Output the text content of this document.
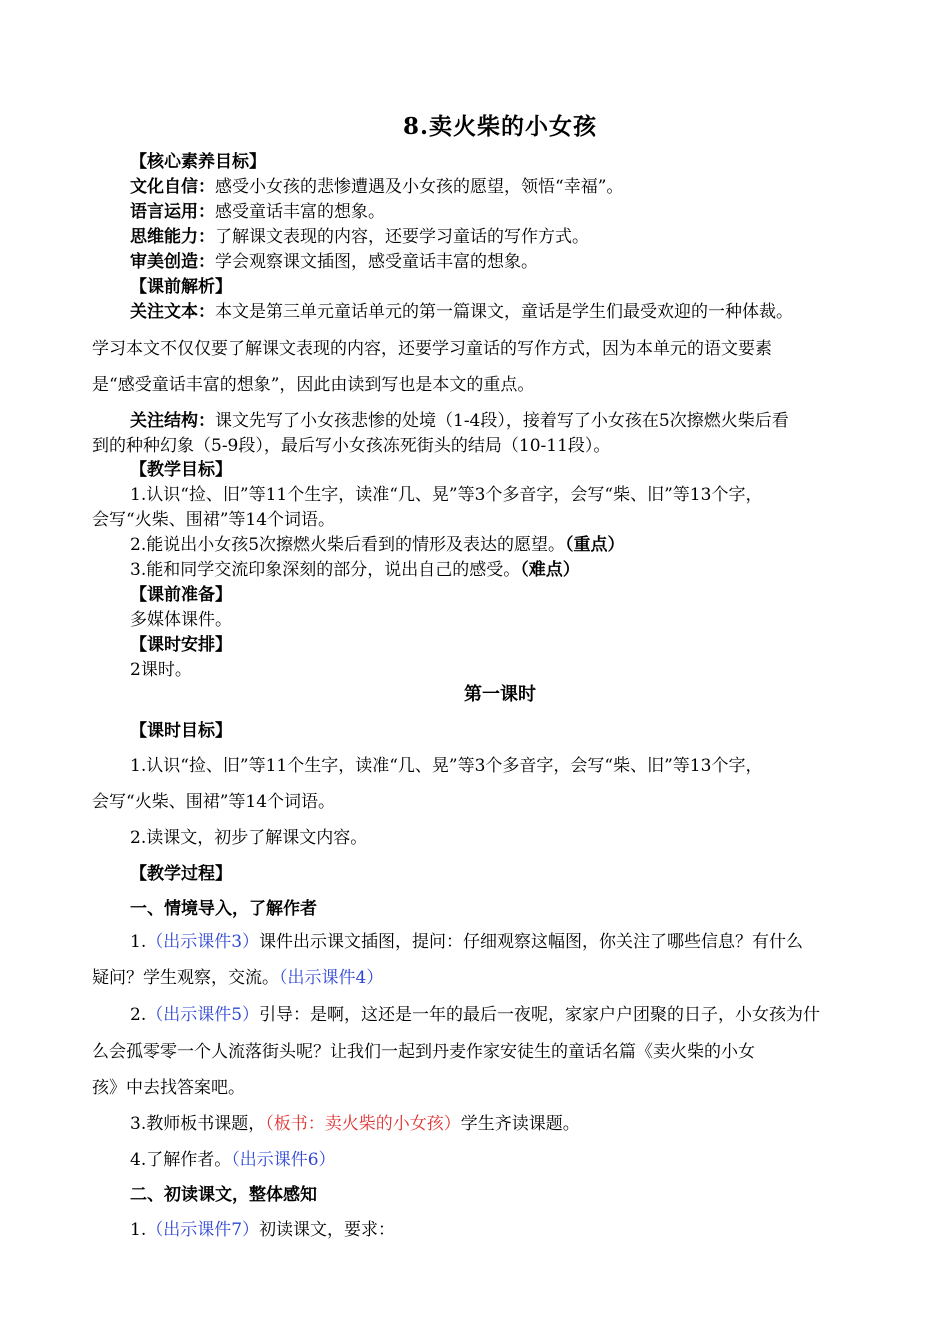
8.卖火柴的小女孩
【核心素养目标】
文化自信：感受小女孩的悲惨遭遇及小女孩的愿望，领悟“幸福”。
语言运用：感受童话丰富的想象。
思维能力：了解课文表现的内容，还要学习童话的写作方式。
审美创造：学会观察课文插图，感受童话丰富的想象。
【课前解析】
关注文本：本文是第三单元童话单元的第一篇课文，童话是学生们最受欢迎的一种体裁。
学习本文不仅仅要了解课文表现的内容，还要学习童话的写作方式，因为本单元的语文要素
是“感受童话丰富的想象”，因此由读到写也是本文的重点。
关注结构：课文先写了小女孩悲惨的处境（1-4段），接着写了小女孩在5次擦燃火柴后看
到的种种幻象（5-9段），最后写小女孩冻死街头的结局（10-11段）。
【教学目标】
1.认识“捡、旧”等11个生字，读准“几、晃”等3个多音字，会写“柴、旧”等13个字，
会写“火柴、围裙”等14个词语。
2.能说出小女孩5次擦燃火柴后看到的情形及表达的愿望。（重点）
3.能和同学交流印象深刻的部分，说出自己的感受。（难点）
【课前准备】
多媒体课件。
【课时安排】
2课时。
第一课时
【课时目标】
1.认识“捡、旧”等11个生字，读准“几、晃”等3个多音字，会写“柴、旧”等13个字，
会写“火柴、围裙”等14个词语。
2.读课文，初步了解课文内容。
【教学过程】
一、情境导入，了解作者
1.（出示课件3）课件出示课文插图，提问：仔细观察这幅图，你关注了哪些信息？有什么
疑问？学生观察，交流。（出示课件4）
2.（出示课件5）引导：是啊，这还是一年的最后一夜呢，家家户户团聚的日子，小女孩为什
么会孤零零一个人流落街头呢？让我们一起到丹麦作家安徒生的童话名篇《卖火柴的小女
孩》中去找答案吧。
3.教师板书课题，（板书：卖火柴的小女孩）学生齐读课题。
4.了解作者。（出示课件6）
二、初读课文，整体感知
1.（出示课件7）初读课文，要求：
